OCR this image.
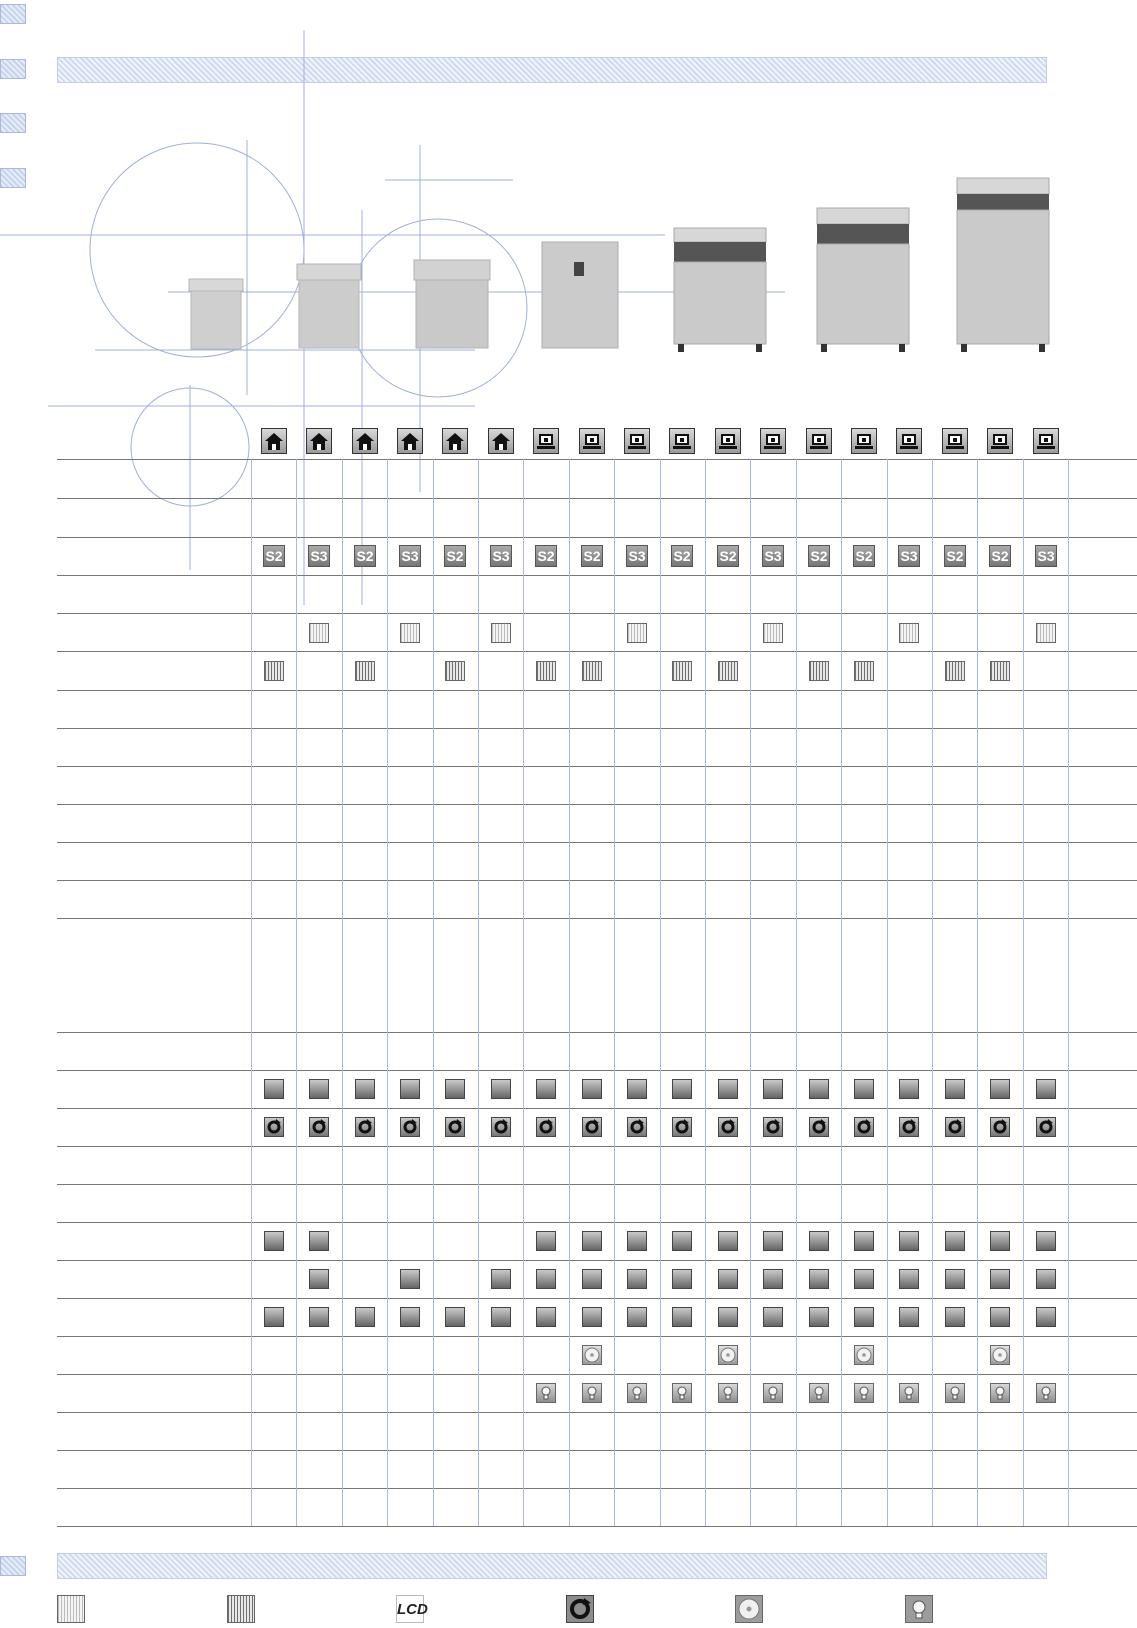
S2 S3 S2 S3 S2 S3 S2 S2 S3 S2 S2 S3 S2 S2 S3 S2 S2 S3
LCD
